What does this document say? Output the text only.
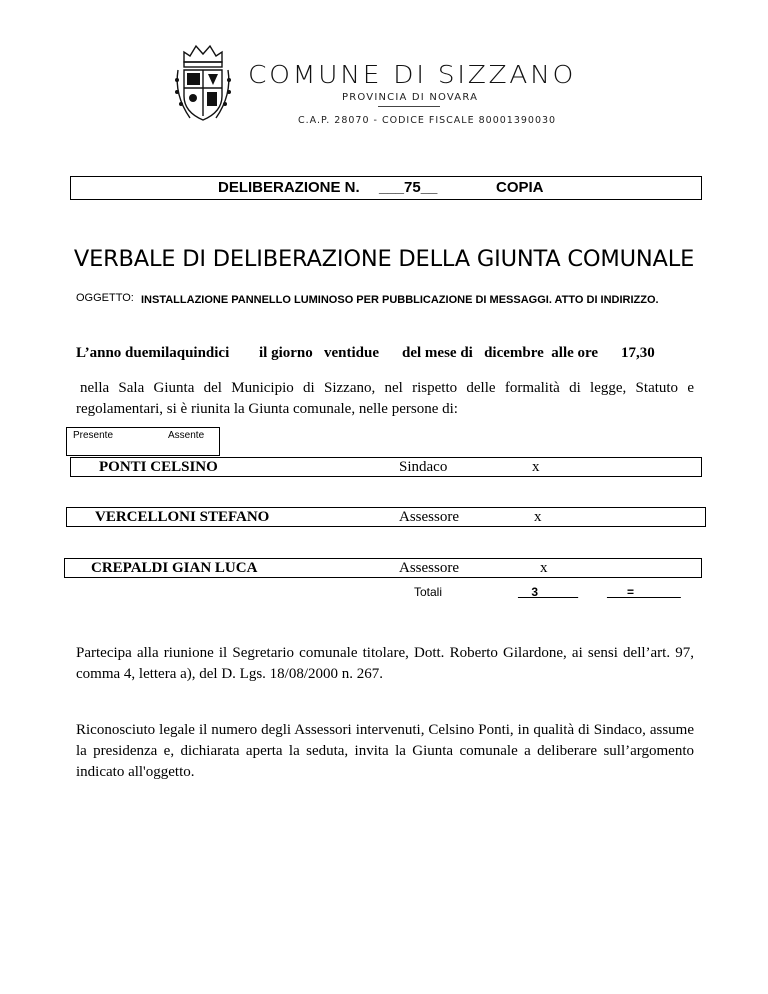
COMUNE DI SIZZANO
PROVINCIA DI NOVARA
C.A.P. 28070 - CODICE FISCALE 80001390030
DELIBERAZIONE N. ___75__	COPIA
VERBALE DI DELIBERAZIONE DELLA GIUNTA COMUNALE
OGGETTO: INSTALLAZIONE PANNELLO LUMINOSO PER PUBBLICAZIONE DI MESSAGGI. ATTO DI INDIRIZZO.
L’anno duemilaquindici il giorno   ventidue del mese di   dicembre  alle ore 17,30
nella Sala Giunta del Municipio di Sizzano, nel rispetto delle formalità di legge, Statuto e regolamentari, si è riunita la Giunta comunale, nelle persone di:
Presente	Assente
PONTI CELSINO	Sindaco	x
VERCELLONI STEFANO	Assessore	x
CREPALDI GIAN LUCA	Assessore	x
Totali	__3______ ___=_______
Partecipa alla riunione il Segretario comunale titolare, Dott. Roberto Gilardone, ai sensi dell’art. 97, comma 4, lettera a), del D. Lgs. 18/08/2000 n. 267.
Riconosciuto legale il numero degli Assessori intervenuti, Celsino Ponti, in qualità di Sindaco, assume la presidenza e, dichiarata aperta la seduta, invita la Giunta comunale a deliberare sull’argomento indicato all'oggetto.
